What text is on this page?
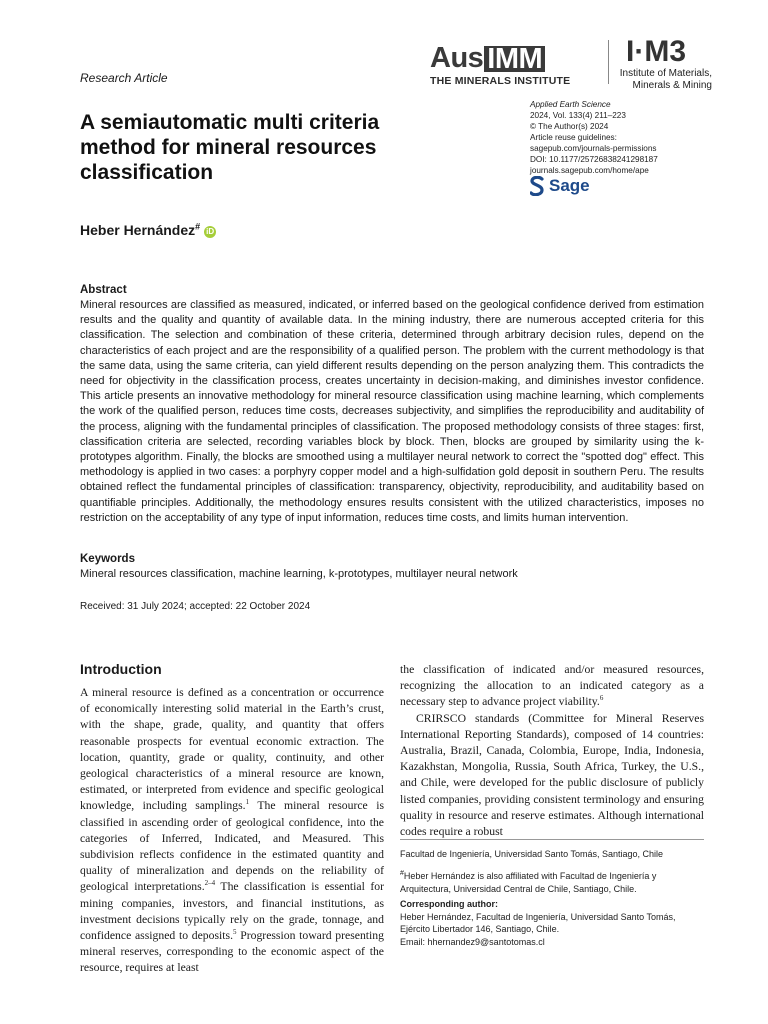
Research Article
Aus IMM
THE MINERALS INSTITUTE
I·M3
Institute of Materials,
Minerals & Mining
A semiautomatic multi criteria method for mineral resources classification
Applied Earth Science
2024, Vol. 133(4) 211–223
© The Author(s) 2024
Article reuse guidelines:
sagepub.com/journals-permissions
DOI: 10.1177/25726838241298187
journals.sagepub.com/home/ape
Sage
Heber Hernández#iD
Abstract
Mineral resources are classified as measured, indicated, or inferred based on the geological confidence derived from estimation results and the quality and quantity of available data. In the mining industry, there are numerous accepted criteria for this classification. The selection and combination of these criteria, determined through arbitrary decision rules, depend on the characteristics of each project and are the responsibility of a qualified person. The problem with the current methodology is that the same data, using the same criteria, can yield different results depending on the person analyzing them. This contradicts the need for objectivity in the classification process, creates uncertainty in decision-making, and diminishes investor confidence. This article presents an innovative methodology for mineral resource classification using machine learning, which complements the work of the qualified person, reduces time costs, decreases subjectivity, and simplifies the reproducibility and auditability of the process, aligning with the fundamental principles of classification. The proposed methodology consists of three stages: first, classification criteria are selected, recording variables block by block. Then, blocks are grouped by similarity using the k-prototypes algorithm. Finally, the blocks are smoothed using a multilayer neural network to correct the "spotted dog" effect. This methodology is applied in two cases: a porphyry copper model and a high-sulfidation gold deposit in southern Peru. The results obtained reflect the fundamental principles of classification: transparency, objectivity, reproducibility, and auditability based on quantifiable principles. Additionally, the methodology ensures results consistent with the utilized characteristics, imposes no restriction on the acceptability of any type of input information, reduces time costs, and limits human intervention.
Keywords
Mineral resources classification, machine learning, k-prototypes, multilayer neural network
Received: 31 July 2024; accepted: 22 October 2024
Introduction

A mineral resource is defined as a concentration or occurrence of economically interesting solid material in the Earth’s crust, with the shape, grade, quality, and quantity that offers reasonable prospects for eventual economic extraction. The location, quantity, grade or quality, continuity, and other geological characteristics of a mineral resource are known, estimated, or interpreted from evidence and specific geological knowledge, including samplings.$^1$ The mineral resource is classified in ascending order of geological confidence, into the categories of Inferred, Indicated, and Measured. This subdivision reflects confidence in the estimated quantity and quality of mineralization and depends on the reliability of geological interpretations.$^{2-4}$ The classification is essential for mining companies, investors, and financial institutions, as investment decisions typically rely on the grade, tonnage, and confidence assigned to deposits.$^5$ Progression toward presenting mineral reserves, corresponding to the economic aspect of the resource, requires at least

the classification of indicated and/or measured resources, recognizing the allocation to an indicated category as a necessary step to advance project viability.$^6$

CRIRSCO standards (Committee for Mineral Reserves International Reporting Standards), composed of 14 countries: Australia, Brazil, Canada, Colombia, Europe, India, Indonesia, Kazakhstan, Mongolia, Russia, South Africa, Turkey, the U.S., and Chile, were developed for the public disclosure of publicly listed companies, providing consistent terminology and ensuring quality in resource and reserve estimates. Although international codes require a robust

Facultad de Ingeniería, Universidad Santo Tomás, Santiago, Chile
#Heber Hernández is also affiliated with Facultad de Ingeniería y Arquitectura, Universidad Central de Chile, Santiago, Chile.
Corresponding author:
Heber Hernández, Facultad de Ingeniería, Universidad Santo Tomás,
Ejército Libertador 146, Santiago, Chile.
Email: hhernandez9@santotomas.cl
